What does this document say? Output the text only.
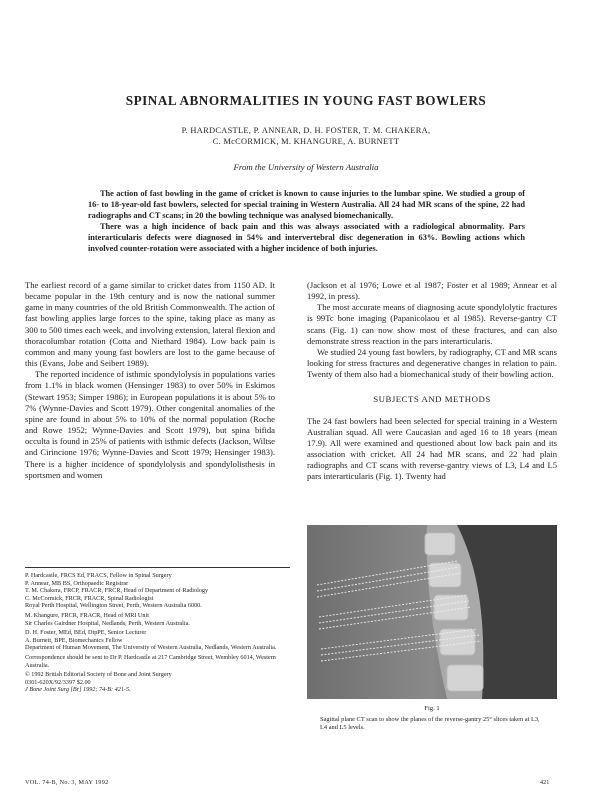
SPINAL ABNORMALITIES IN YOUNG FAST BOWLERS
P. HARDCASTLE, P. ANNEAR, D. H. FOSTER, T. M. CHAKERA,
C. McCORMICK, M. KHANGURE, A. BURNETT
From the University of Western Australia

The action of fast bowling in the game of cricket is known to cause injuries to the lumbar spine. We studied a group of 16- to 18-year-old fast bowlers, selected for special training in Western Australia. All 24 had MR scans of the spine, 22 had radiographs and CT scans; in 20 the bowling technique was analysed biomechanically.

There was a high incidence of back pain and this was always associated with a radiological abnormality. Pars interarticularis defects were diagnosed in 54% and intervertebral disc degeneration in 63%. Bowling actions which involved counter-rotation were associated with a higher incidence of both injuries.

The earliest record of a game similar to cricket dates from 1150 AD. It became popular in the 19th century and is now the national summer game in many countries of the old British Commonwealth. The action of fast bowling applies large forces to the spine, taking place as many as 300 to 500 times each week, and involving extension, lateral flexion and thoracolumbar rotation (Cotta and Niethard 1984). Low back pain is common and many young fast bowlers are lost to the game because of this (Evans, Jobe and Seibert 1989).

The reported incidence of isthmic spondylolysis in populations varies from 1.1% in black women (Hensinger 1983) to over 50% in Eskimos (Stewart 1953; Simper 1986); in European populations it is about 5% to 7% (Wynne-Davies and Scott 1979). Other congenital anomalies of the spine are found in about 5% to 10% of the normal population (Roche and Rowe 1952; Wynne-Davies and Scott 1979), but spina bifida occulta is found in 25% of patients with isthmic defects (Jackson, Wiltse and Cirincione 1976; Wynne-Davies and Scott 1979; Hensinger 1983). There is a higher incidence of spondylolysis and spondylolisthesis in sportsmen and women

(Jackson et al 1976; Lowe et al 1987; Foster et al 1989; Annear et al 1992, in press).

The most accurate means of diagnosing acute spondylolytic fractures is 99Tc bone imaging (Papanicolaou et al 1985). Reverse-gantry CT scans (Fig. 1) can now show most of these fractures, and can also demonstrate stress reaction in the pars interarticularis.

We studied 24 young fast bowlers, by radiography, CT and MR scans looking for stress fractures and degenerative changes in relation to pain. Twenty of them also had a biomechanical study of their bowling action.

SUBJECTS AND METHODS

The 24 fast bowlers had been selected for special training in a Western Australian squad. All were Caucasian and aged 16 to 18 years (mean 17.9). All were examined and questioned about low back pain and its association with cricket. All 24 had MR scans, and 22 had plain radiographs and CT scans with reverse-gantry views of L3, L4 and L5 pars interarticularis (Fig. 1). Twenty had

P. Hardcastle, FRCS Ed, FRACS, Fellow in Spinal Surgery
P. Annear, MB BS, Orthopaedic Registrar
T. M. Chakera, FRCP, FRACR, FRCR, Head of Department of Radiology
C. McCormick, FRCR, FRACR, Spinal Radiologist

Royal Perth Hospital, Wellington Street, Perth, Western Australia 6000.

M. Khangure, FRCR, FRACR, Head of MRI Unit

Sir Charles Gairdner Hospital, Nedlands, Perth, Western Australia.

D. H. Foster, MEd, BEd, DipPE, Senior Lecturer
A. Burnett, BPE, Biomechanics Fellow

Department of Human Movement, The University of Western Australia, Nedlands, Western Australia.

Correspondence should be sent to Dr P. Hardcastle at 217 Cambridge Street, Wembley 6014, Western Australia.

© 1992 British Editorial Society of Bone and Joint Surgery
0301-620X/92/3397 $2.00
J Bone Joint Surg [Br] 1992; 74-B: 421-5.
Fig. 1
Sagittal plane CT scan to show the planes of the reverse-gantry 25° slices taken at L3, L4 and L5 levels.
VOL. 74-B, No. 3, MAY 1992	421
